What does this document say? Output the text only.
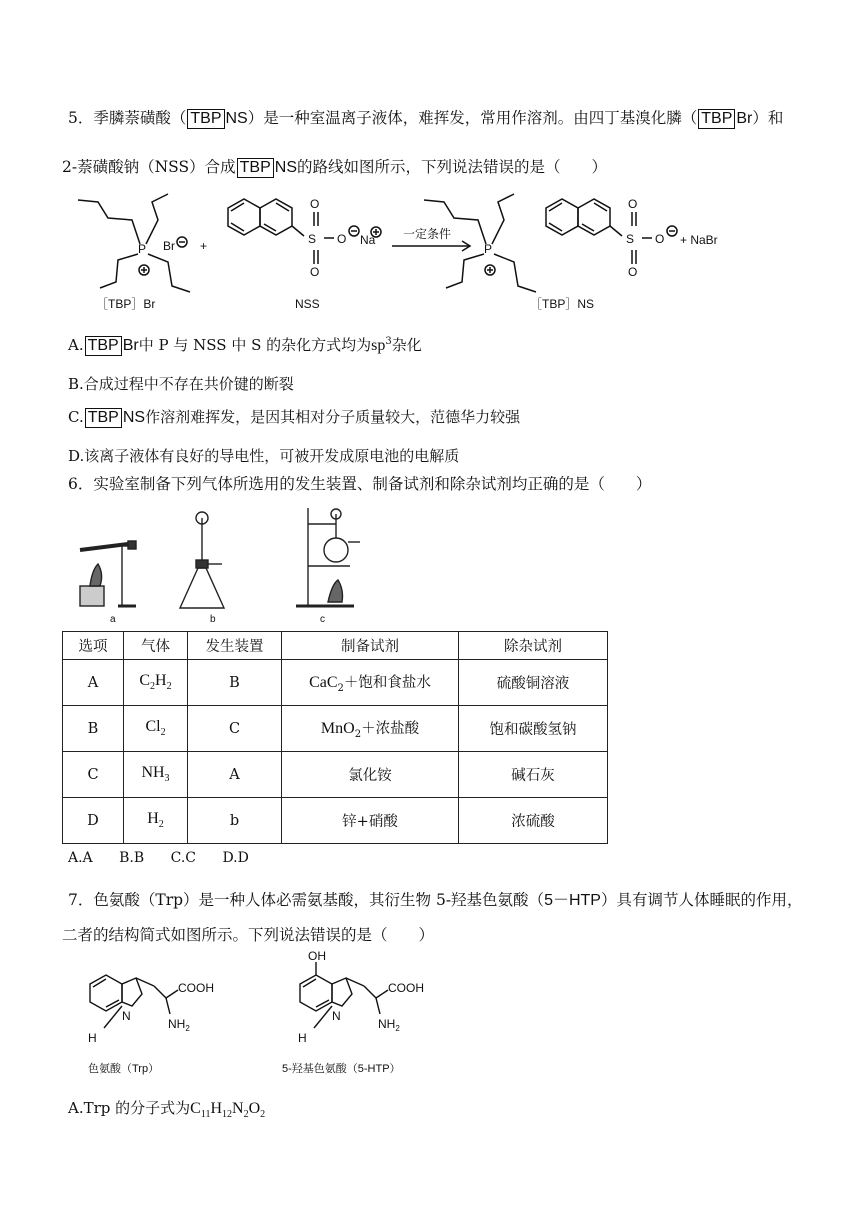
5．季膦萘磺酸（ TBP NS）是一种室温离子液体，难挥发，常用作溶剂。由四丁基溴化膦（ TBP Br）和
2-萘磺酸钠（NSS）合成 TBP NS的路线如图所示，下列说法错误的是（　　）
P Br +	S
O
O
O Na 一定条件
P
S
O
O
O + NaBr
［TBP］Br	NSS	［TBP］NS
A. TBP Br中 P 与 NSS 中 S 的杂化方式均为$sp^3$杂化
B.合成过程中不存在共价键的断裂
C. TBP NS作溶剂难挥发，是因其相对分子质量较大，范德华力较强
D.该离子液体有良好的导电性，可被开发成原电池的电解质
6．实验室制备下列气体所选用的发生装置、制备试剂和除杂试剂均正确的是（　　）
a	b	c
选项	气体	发生装置	制备试剂	除杂试剂
A	$C_2H_2$	B	CaC$_2$＋饱和食盐水	硫酸铜溶液
B	$Cl_2$	C	MnO$_2$＋浓盐酸	饱和碳酸氢钠
C	$NH_3$	A	氯化铵	碱石灰
D	$H_2$	b	锌+硝酸	浓硫酸
A.A B.B C.C D.D
7．色氨酸（Trp）是一种人体必需氨基酸，其衍生物 5-羟基色氨酸（5－HTP）具有调节人体睡眠的作用，
二者的结构简式如图所示。下列说法错误的是（　　）
COOH
$NH_2$
N
H
COOH
$NH_2$
N
H
OH
色氨酸（Trp）	5-羟基色氨酸（5-HTP）
A.Trp 的分子式为$C_{11}H_{12}N_2O_2$
